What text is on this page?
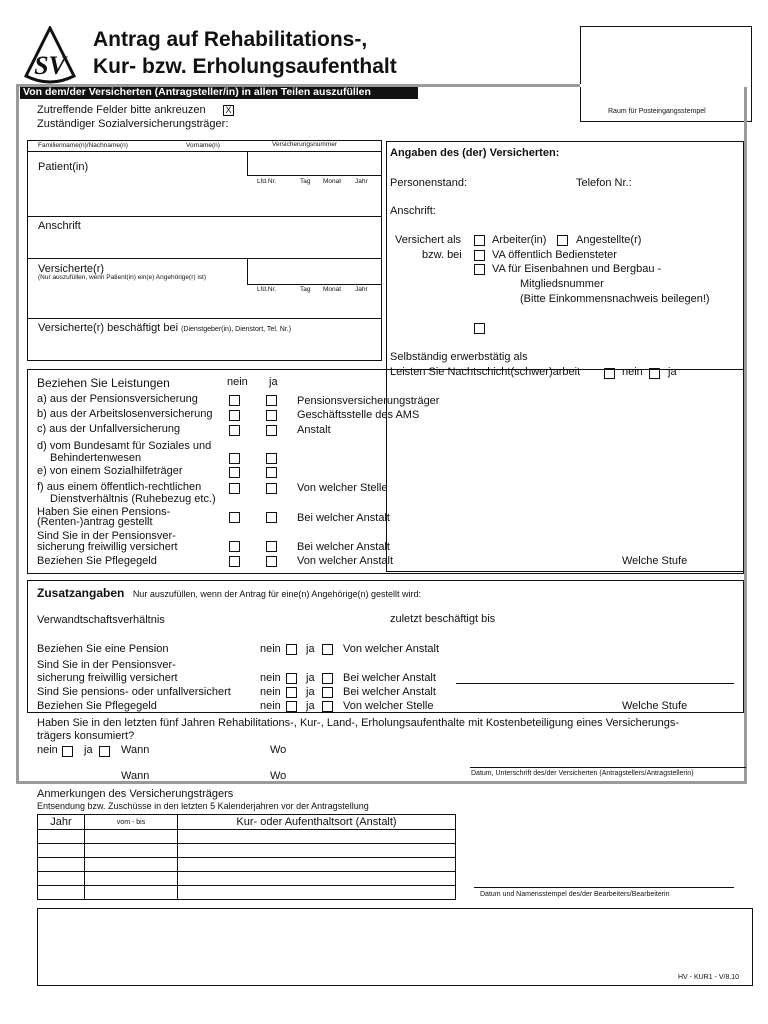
SV
Antrag auf Rehabilitations-,
Kur- bzw. Erholungsaufenthalt
Raum für Posteingangsstempel
Von dem/der Versicherten (Antragsteller/in) in allen Teilen auszufüllen
Zutreffende Felder bitte ankreuzen X
Zuständiger Sozialversicherungsträger:
Familienname(n)/Nachname(n)	Vorname(n)	Versicherungsnummer
Patient(in)
Lfd.Nr.	Tag Monat Jahr
Anschrift
Versicherte(r)
(Nur auszufüllen, wenn Patient(in) ein(e) Angehörige(r) ist)
Lfd.Nr.	Tag Monat Jahr
Versicherte(r) beschäftigt bei (Dienstgeber(in), Dienstort, Tel. Nr.)
Angaben des (der) Versicherten:
Personenstand:	Telefon Nr.:
Anschrift:
Versichert als	Arbeiter(in)	Angestellte(r)
bzw. bei	VA öffentlich Bediensteter
VA für Eisenbahnen und Bergbau -
Mitgliedsnummer
(Bitte Einkommensnachweis beilegen!)
Selbständig erwerbstätig als
Leisten Sie Nachtschicht(schwer)arbeit	nein ja
Beziehen Sie Leistungen	nein ja
a) aus der Pensionsversicherung	Pensionsversicherungsträger
b) aus der Arbeitslosenversicherung	Geschäftsstelle des AMS
c) aus der Unfallversicherung	Anstalt
d) vom Bundesamt für Soziales und
Behindertenwesen
e) von einem Sozialhilfeträger
f) aus einem öffentlich-rechtlichen
Dienstverhältnis (Ruhebezug etc.)
Von welcher Stelle
Haben Sie einen Pensions-
(Renten-)antrag gestellt	Bei welcher Anstalt
Sind Sie in der Pensionsver-
sicherung freiwillig versichert	Bei welcher Anstalt
Beziehen Sie Pflegegeld	Von welcher Anstalt	Welche Stufe
Zusatzangaben Nur auszufüllen, wenn der Antrag für eine(n) Angehörige(n) gestellt wird:
Verwandtschaftsverhältnis	zuletzt beschäftigt bis
Beziehen Sie eine Pension	nein ja	Von welcher Anstalt
Sind Sie in der Pensionsver-
sicherung freiwillig versichert	nein ja	Bei welcher Anstalt
Sind Sie pensions- oder unfallversichert	nein ja	Bei welcher Anstalt
Beziehen Sie Pflegegeld	nein ja	Von welcher Stelle	Welche Stufe
Haben Sie in den letzten fünf Jahren Rehabilitations-, Kur-, Land-, Erholungsaufenthalte mit Kostenbeteiligung eines Versicherungs-
trägers konsumiert?
nein ja	Wann	Wo
Wann	Wo	Datum, Unterschrift des/der Versicherten (Antragstellers/Antragstellerin)
Anmerkungen des Versicherungsträgers
Entsendung bzw. Zuschüsse in den letzten 5 Kalenderjahren vor der Antragstellung
Jahr	vom - bis	Kur- oder Aufenthaltsort (Anstalt)

Datum und Namensstempel des/der Bearbeiters/Bearbeiterin
HV - KUR1 - V/8.10
